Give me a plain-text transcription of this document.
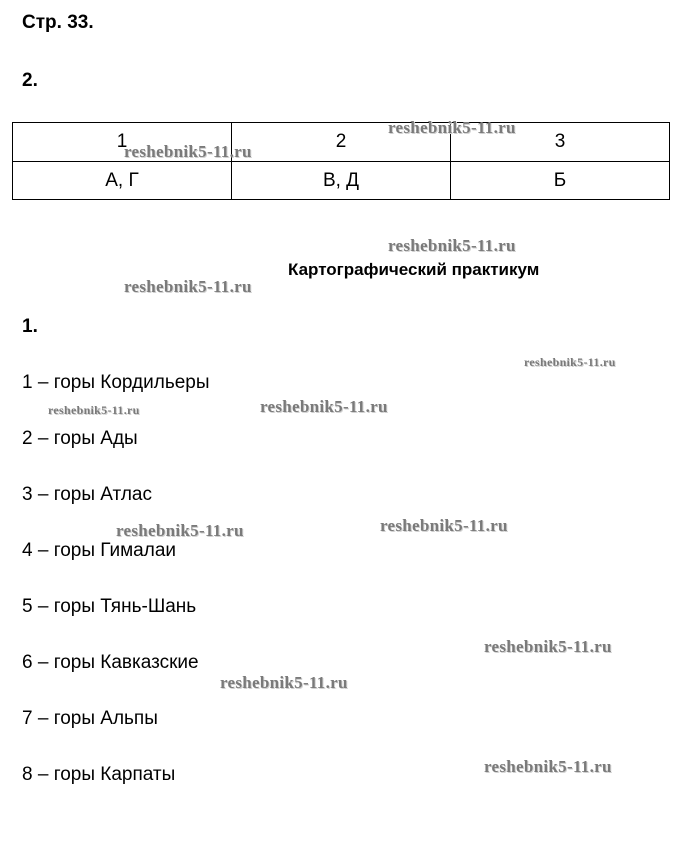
Стр. 33.
2.
1	2	3
А, Г	В, Д	Б
Картографический практикум
1.
1 – горы Кордильеры
2 – горы Ады
3 – горы Атлас
4 – горы Гималаи
5 – горы Тянь-Шань
6 – горы Кавказские
7 – горы Альпы
8 – горы Карпаты
reshebnik5-11.ru
reshebnik5-11.ru
reshebnik5-11.ru
reshebnik5-11.ru
reshebnik5-11.ru
reshebnik5-11.ru	reshebnik5-11.ru
reshebnik5-11.ru	reshebnik5-11.ru
reshebnik5-11.ru
reshebnik5-11.ru
reshebnik5-11.ru
